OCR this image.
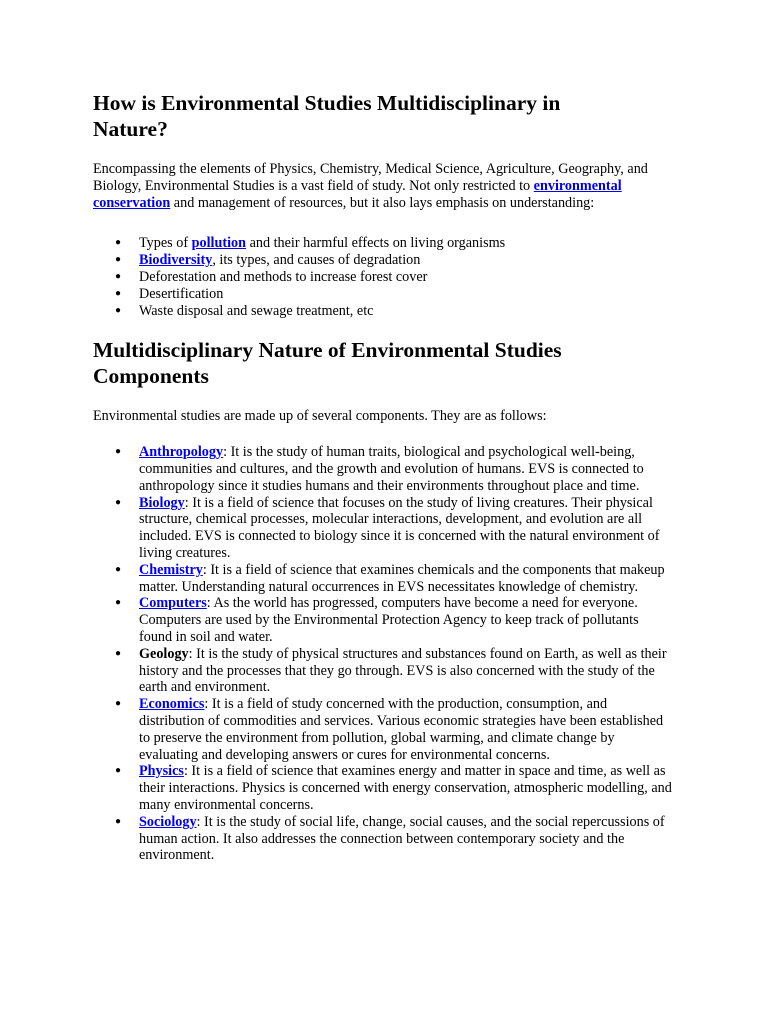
How is Environmental Studies Multidisciplinary in Nature?

Encompassing the elements of Physics, Chemistry, Medical Science, Agriculture, Geography, and Biology, Environmental Studies is a vast field of study. Not only restricted to environmental conservation and management of resources, but it also lays emphasis on understanding:

● Types of pollution and their harmful effects on living organisms
● Biodiversity, its types, and causes of degradation
● Deforestation and methods to increase forest cover
● Desertification
● Waste disposal and sewage treatment, etc
Multidisciplinary Nature of Environmental Studies Components

Environmental studies are made up of several components. They are as follows:

● Anthropology: It is the study of human traits, biological and psychological well-being, communities and cultures, and the growth and evolution of humans. EVS is connected to anthropology since it studies humans and their environments throughout place and time.
● Biology: It is a field of science that focuses on the study of living creatures. Their physical structure, chemical processes, molecular interactions, development, and evolution are all included. EVS is connected to biology since it is concerned with the natural environment of living creatures.
● Chemistry: It is a field of science that examines chemicals and the components that makeup matter. Understanding natural occurrences in EVS necessitates knowledge of chemistry.
● Computers: As the world has progressed, computers have become a need for everyone. Computers are used by the Environmental Protection Agency to keep track of pollutants found in soil and water.
● Geology: It is the study of physical structures and substances found on Earth, as well as their history and the processes that they go through. EVS is also concerned with the study of the earth and environment.
● Economics: It is a field of study concerned with the production, consumption, and distribution of commodities and services. Various economic strategies have been established to preserve the environment from pollution, global warming, and climate change by evaluating and developing answers or cures for environmental concerns.
● Physics: It is a field of science that examines energy and matter in space and time, as well as their interactions. Physics is concerned with energy conservation, atmospheric modelling, and many environmental concerns.
● Sociology: It is the study of social life, change, social causes, and the social repercussions of human action. It also addresses the connection between contemporary society and the environment.
